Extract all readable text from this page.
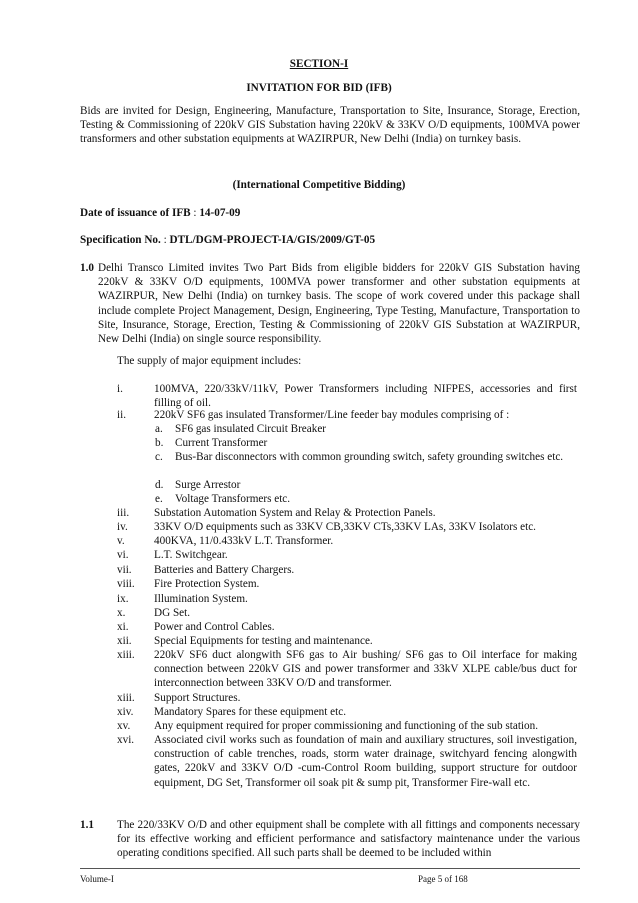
SECTION-I
INVITATION FOR BID (IFB)
Bids are invited for Design, Engineering, Manufacture, Transportation to Site, Insurance, Storage, Erection, Testing & Commissioning of 220kV GIS Substation having 220kV & 33KV O/D equipments, 100MVA power transformers and other substation equipments at WAZIRPUR, New Delhi (India) on turnkey basis.
(International Competitive Bidding)
Date of issuance of IFB : 14-07-09
Specification No. : DTL/DGM-PROJECT-IA/GIS/2009/GT-05
1.0 Delhi Transco Limited invites Two Part Bids from eligible bidders for 220kV GIS Substation having 220kV & 33KV O/D equipments, 100MVA power transformer and other substation equipments at WAZIRPUR, New Delhi (India) on turnkey basis. The scope of work covered under this package shall include complete Project Management, Design, Engineering, Type Testing, Manufacture, Transportation to Site, Insurance, Storage, Erection, Testing & Commissioning of 220kV GIS Substation at WAZIRPUR, New Delhi (India) on single source responsibility.
The supply of major equipment includes:
i.	100MVA, 220/33kV/11kV, Power Transformers including NIFPES, accessories and first filling of oil.
ii. 220kV SF6 gas insulated Transformer/Line feeder bay modules comprising of :
a. SF6 gas insulated Circuit Breaker
b. Current Transformer
c. Bus-Bar disconnectors with common grounding switch, safety grounding switches etc.
d. Surge Arrestor
e. Voltage Transformers etc.
iii. Substation Automation System and Relay & Protection Panels.
iv. 33KV O/D equipments such as 33KV CB,33KV CTs,33KV LAs, 33KV Isolators etc.
v.	400KVA, 11/0.433kV L.T. Transformer.
vi. L.T. Switchgear.
vii. Batteries and Battery Chargers.
viii. Fire Protection System.
ix. Illumination System.
x.	DG Set.
xi. Power and Control Cables.
xii. Special Equipments for testing and maintenance.
xiii. 220kV SF6 duct alongwith SF6 gas to Air bushing/ SF6 gas to Oil interface for making connection between 220kV GIS and power transformer and 33kV XLPE cable/bus duct for interconnection between 33KV O/D and transformer.
xiii. Support Structures.
xiv. Mandatory Spares for these equipment etc.
xv. Any equipment required for proper commissioning and functioning of the sub station.
xvi. Associated civil works such as foundation of main and auxiliary structures, soil investigation, construction of cable trenches, roads, storm water drainage, switchyard fencing alongwith gates, 220kV and 33KV O/D -cum-Control Room building, support structure for outdoor equipment, DG Set, Transformer oil soak pit & sump pit, Transformer Fire-wall etc.
1.1 The 220/33KV O/D and other equipment shall be complete with all fittings and components necessary for its effective working and efficient performance and satisfactory maintenance under the various operating conditions specified. All such parts shall be deemed to be included within
Volume-I	Page 5 of 168
